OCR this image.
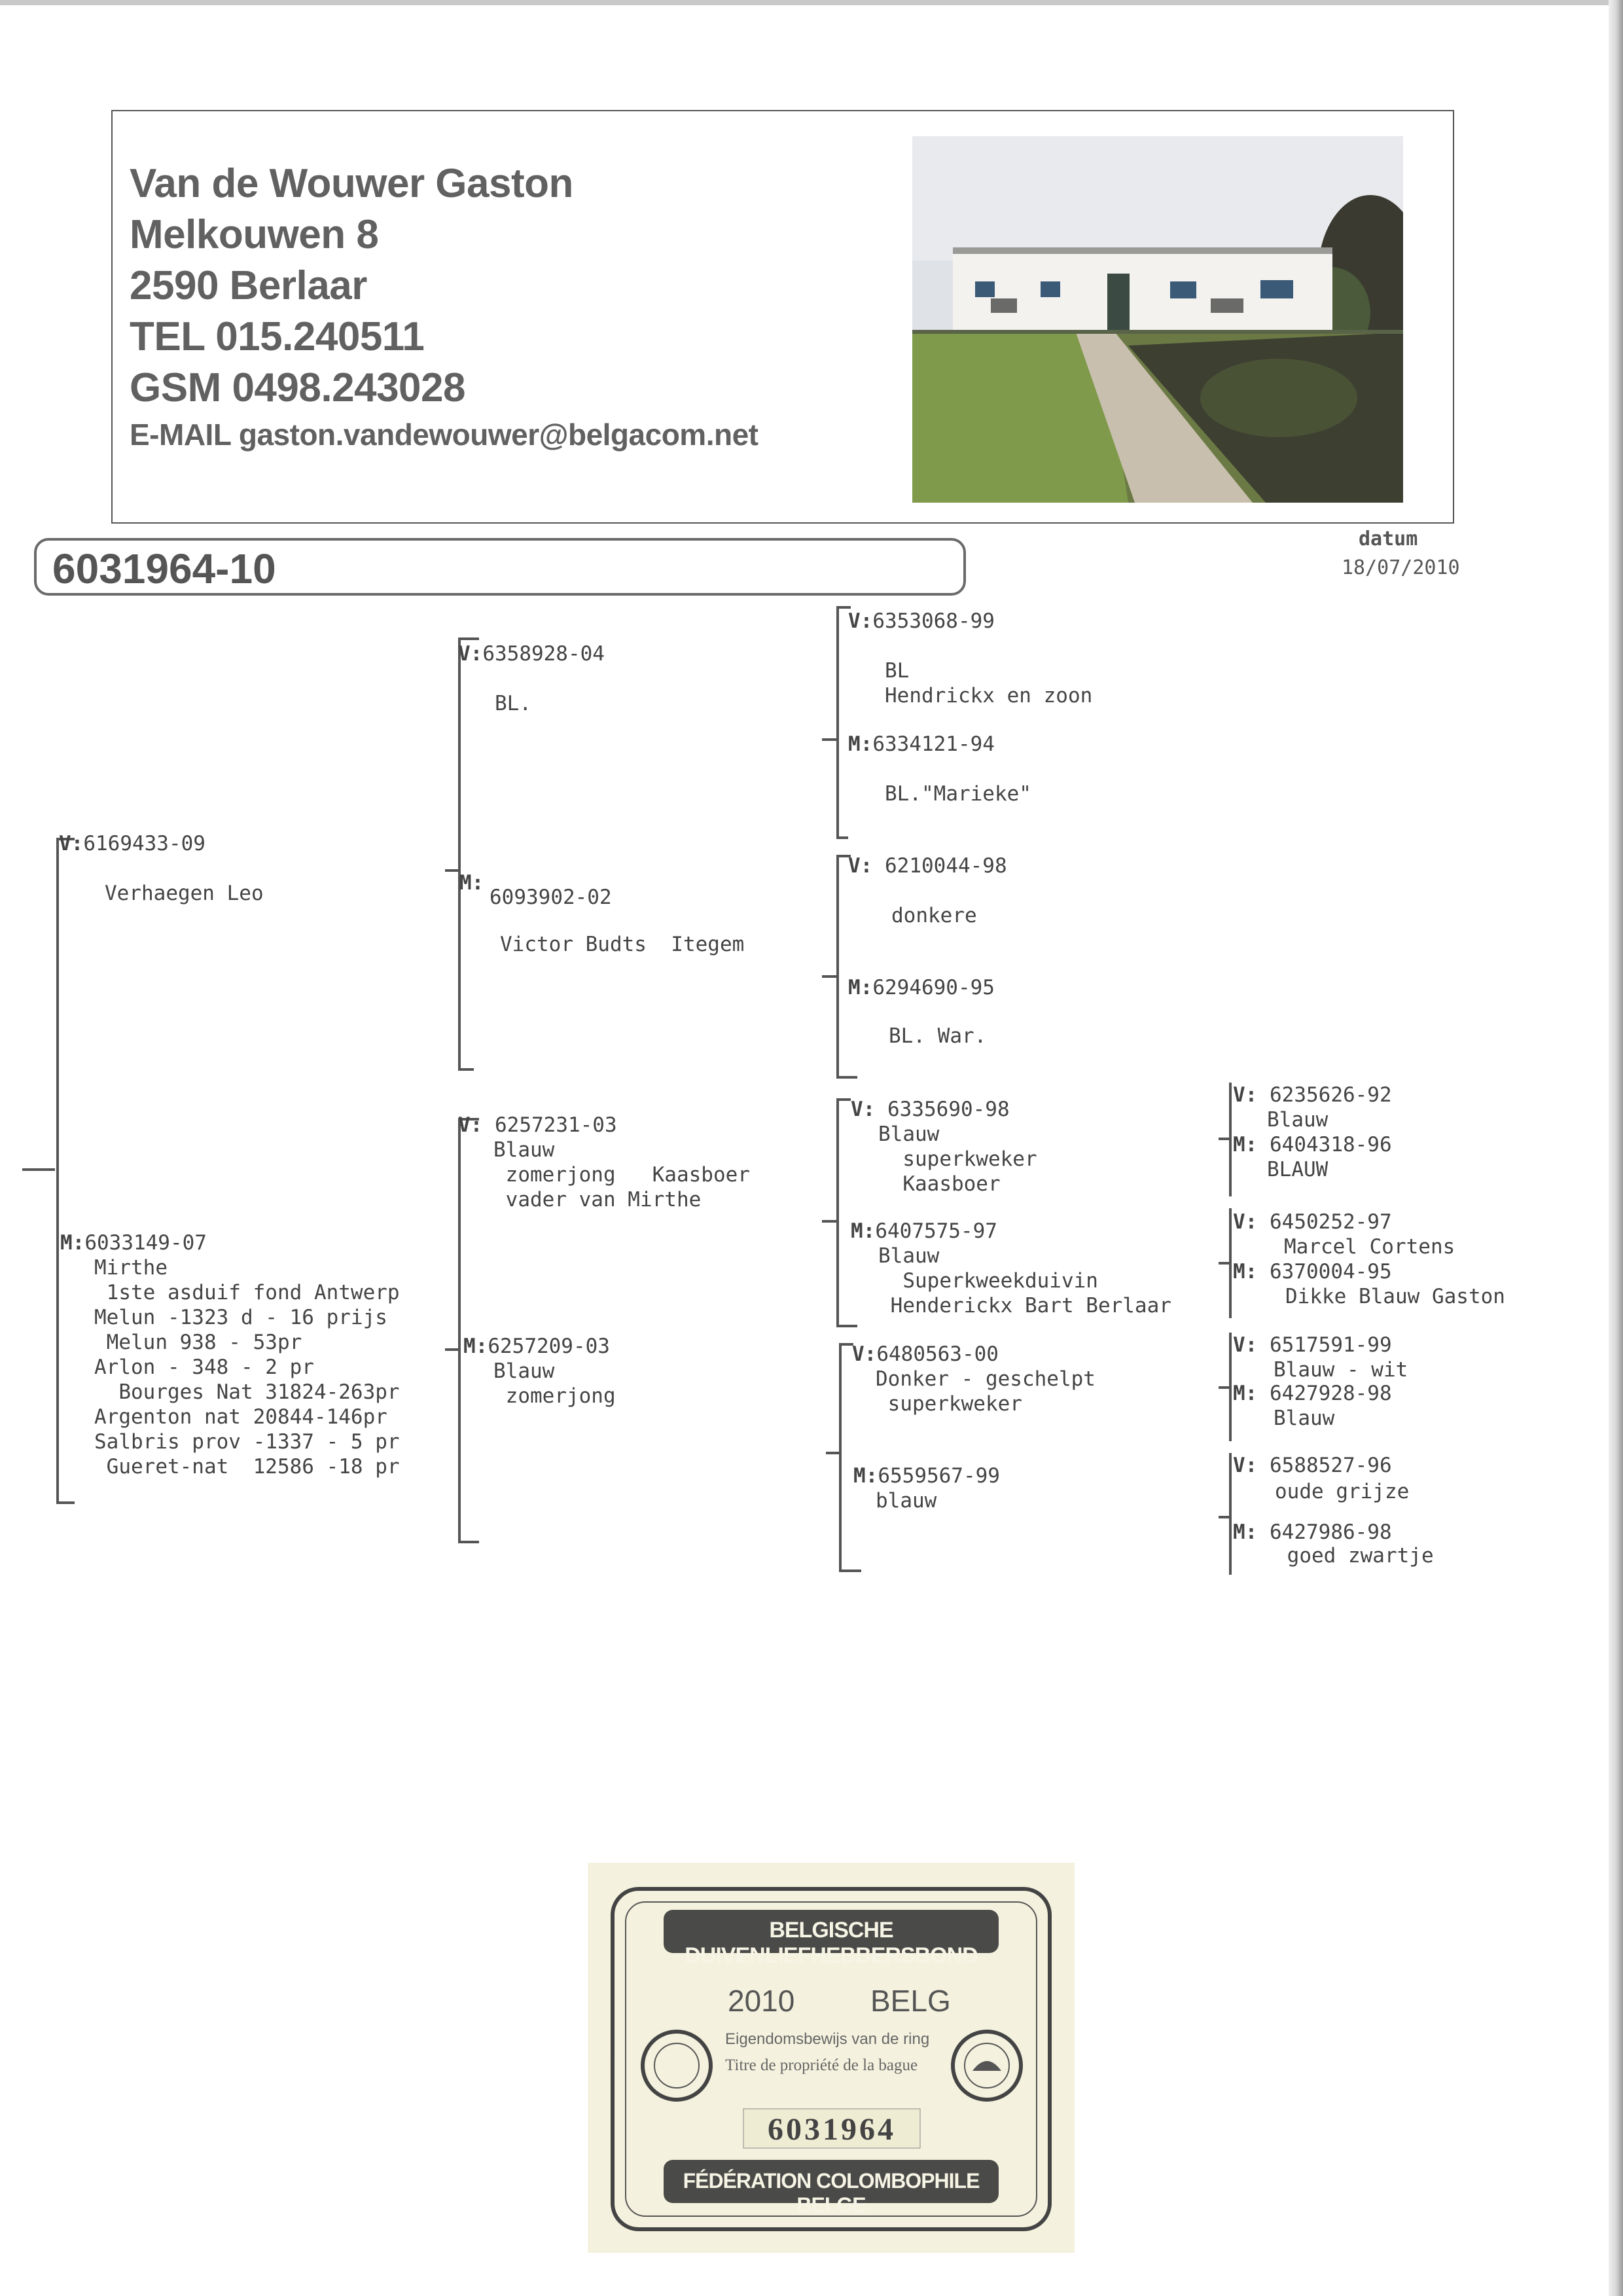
Van de Wouwer Gaston
Melkouwen 8
2590 Berlaar
TEL 015.240511
GSM 0498.243028
E-MAIL gaston.vandewouwer@belgacom.net
6031964-10
datum
18/07/2010
V:6169433-09
Verhaegen Leo
M:6033149-07
Mirthe
1ste asduif fond Antwerp
Melun -1323 d - 16 prijs
Melun 938 - 53pr
Arlon - 348 - 2 pr
Bourges Nat 31824-263pr
Argenton nat 20844-146pr
Salbris prov -1337 - 5 pr
Gueret-nat  12586 -18 pr
V:6358928-04
BL.
M:
6093902-02
Victor Budts  Itegem
V: 6257231-03
Blauw
zomerjong   Kaasboer
vader van Mirthe
M:6257209-03
Blauw
zomerjong
V:6353068-99
BL
Hendrickx en zoon
M:6334121-94
BL."Marieke"
V: 6210044-98
donkere
M:6294690-95
BL. War.
V: 6335690-98
Blauw
superkweker
Kaasboer
M:6407575-97
Blauw
Superkweekduivin
Henderickx Bart Berlaar
V:6480563-00
Donker - geschelpt
superkweker
M:6559567-99
blauw
V: 6235626-92
Blauw
M: 6404318-96
BLAUW
V: 6450252-97
Marcel Cortens
M: 6370004-95
Dikke Blauw Gaston
V: 6517591-99
Blauw - wit
M: 6427928-98
Blauw
V: 6588527-96
oude grijze
M: 6427986-98
goed zwartje
BELGISCHE DUIVENLIEFHEBBERSBOND
2010	BELG
Eigendomsbewijs van de ring
Titre de propriété de la bague
6031964
FÉDÉRATION COLOMBOPHILE BELGE
